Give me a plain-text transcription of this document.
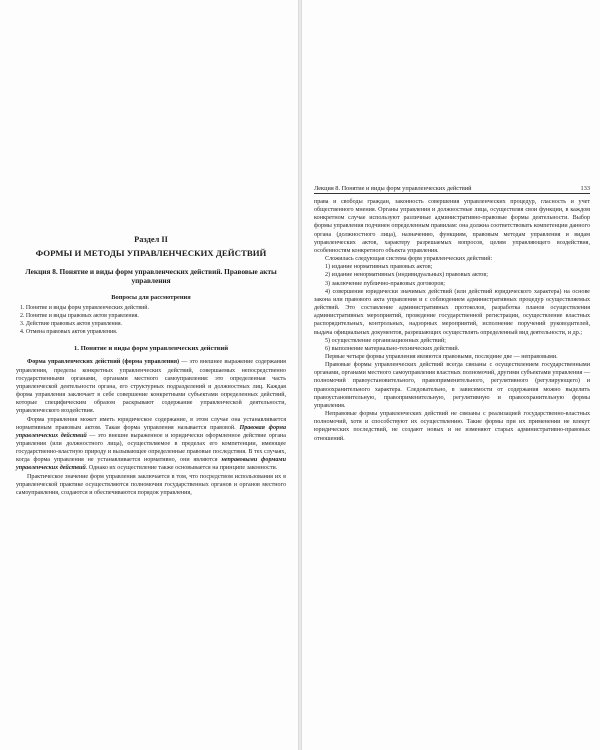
Раздел II
ФОРМЫ И МЕТОДЫ УПРАВЛЕНЧЕСКИХ ДЕЙСТВИЙ
Лекция 8. Понятие и виды форм управленческих действий. Правовые акты управления
Вопросы для рассмотрения
1. Понятие и виды форм управленческих действий.
2. Понятие и виды правовых актов управления.
3. Действие правовых актов управления.
4. Отмена правовых актов управления.
1. Понятие и виды форм управленческих действий

Форма управленческих действий (форма управления) — это внешнее выражение содержания управления, пределы конкретных управленческих действий, совершаемых непосредственно государственными органами, органами местного самоуправления: это определенная часть управленческой деятельности органа, его структурных подразделений и должностных лиц. Каждая форма управления заключает в себе совершение конкретными субъектами определенных действий, которые специфическим образом раскрывают содержание управленческой деятельности, управленческого воздействия.

Форма управления может иметь юридическое содержание, в этом случае она устанавливается нормативным правовым актом. Такая форма управления называется правовой. Правовая форма управленческих действий — это внешне выраженное и юридически оформленное действие органа управления (или должностного лица), осуществляемое в пределах его компетенции, имеющее государственно-властную природу и вызывающее определенные правовые последствия. В тех случаях, когда форма управления не устанавливается нормативно, они являются неправовыми формами управленческих действий. Однако их осуществление также основывается на принципе законности.

Практическое значение форм управления заключается в том, что посредством использования их в управленческой практике осуществляются полномочия государственных органов и органов местного самоуправления, создаются и обеспечиваются порядок управления,

Лекция 8. Понятие и виды форм управленческих действий	133

права и свободы граждан, законность совершения управленческих процедур, гласность и учет общественного мнения. Органы управления и должностные лица, осуществляя свои функции, в каждом конкретном случае используют различные административно-правовые формы деятельности. Выбор формы управления подчинен определенным правилам: она должна соответствовать компетенции данного органа (должностного лица), назначению, функциям, правовым методам управления и видам управленческих актов, характеру разрешаемых вопросов, целям управляющего воздействия, особенностям конкретного объекта управления.

Сложилась следующая система форм управленческих действий:

1) издание нормативных правовых актов;

2) издание ненормативных (индивидуальных) правовых актов;

3) заключение публично-правовых договоров;

4) совершение юридически значимых действий (или действий юридического характера) на основе закона или правового акта управления и с соблюдением административных процедур осуществляемых действий. Это составление административных протоколов, разработка планов осуществления административных мероприятий, проведение государственной регистрации, осуществление властных распорядительных, контрольных, надзорных мероприятий, исполнение поручений руководителей, выдача официальных документов, разрешающих осуществлять определенный вид деятельности, и др.;

5) осуществление организационных действий;

6) выполнение материально-технических действий.

Первые четыре формы управления являются правовыми, последние две — неправовыми.

Правовые формы управленческих действий всегда связаны с осуществлением государственными органами, органами местного самоуправления властных полномочий, другими субъектами управления — полномочий правоустановительного, правоприменительного, регулятивного (регулирующего) и правоохранительного характера. Следовательно, в зависимости от содержания можно выделить правоустановительную, правоприменительную, регулятивную и правоохранительную формы управления.

Неправовые формы управленческих действий не связаны с реализацией государственно-властных полномочий, хотя и способствуют их осуществлению. Такие формы при их применении не влекут юридических последствий, не создают новых и не изменяют старых административно-правовых отношений.
